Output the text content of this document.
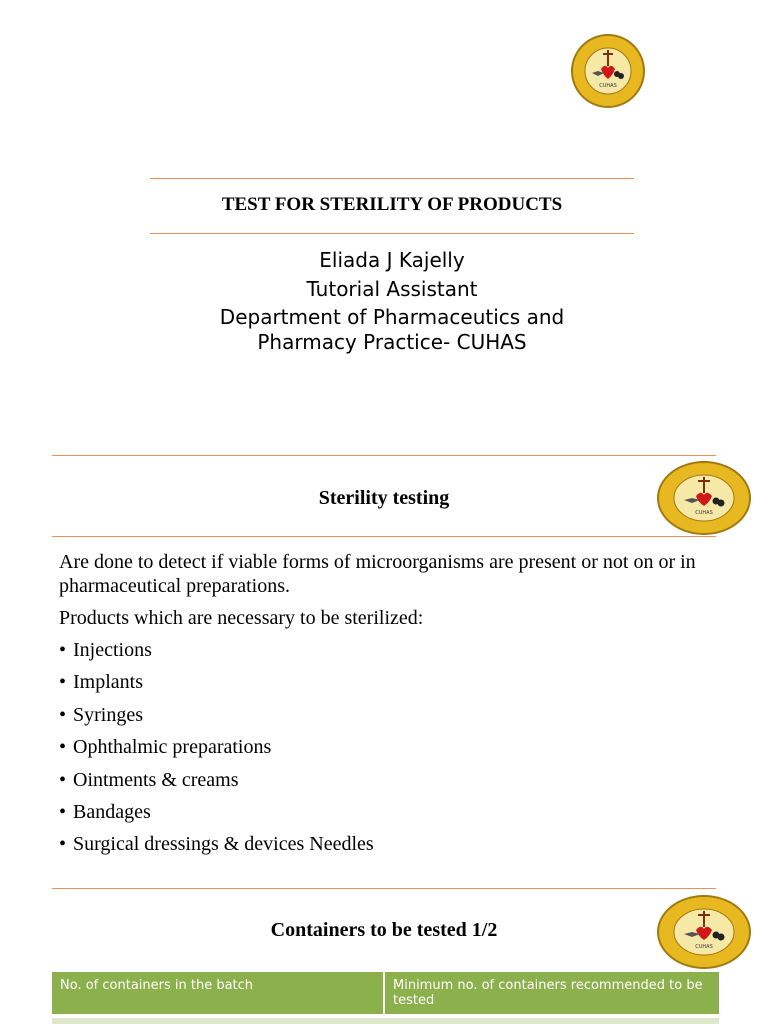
CUHAS
TEST FOR STERILITY OF PRODUCTS
Eliada J Kajelly
Tutorial Assistant
Department of Pharmaceutics and
Pharmacy Practice- CUHAS
Sterility testing
CUHAS

Are done to detect if viable forms of microorganisms are present or not on or in pharmaceutical preparations.

Products which are necessary to be sterilized:

• Injections
• Implants
• Syringes
• Ophthalmic preparations
• Ointments & creams
• Bandages
• Surgical dressings & devices Needles
Containers to be tested 1/2
CUHAS
No. of containers in the batch	Minimum no. of containers recommended to be tested
